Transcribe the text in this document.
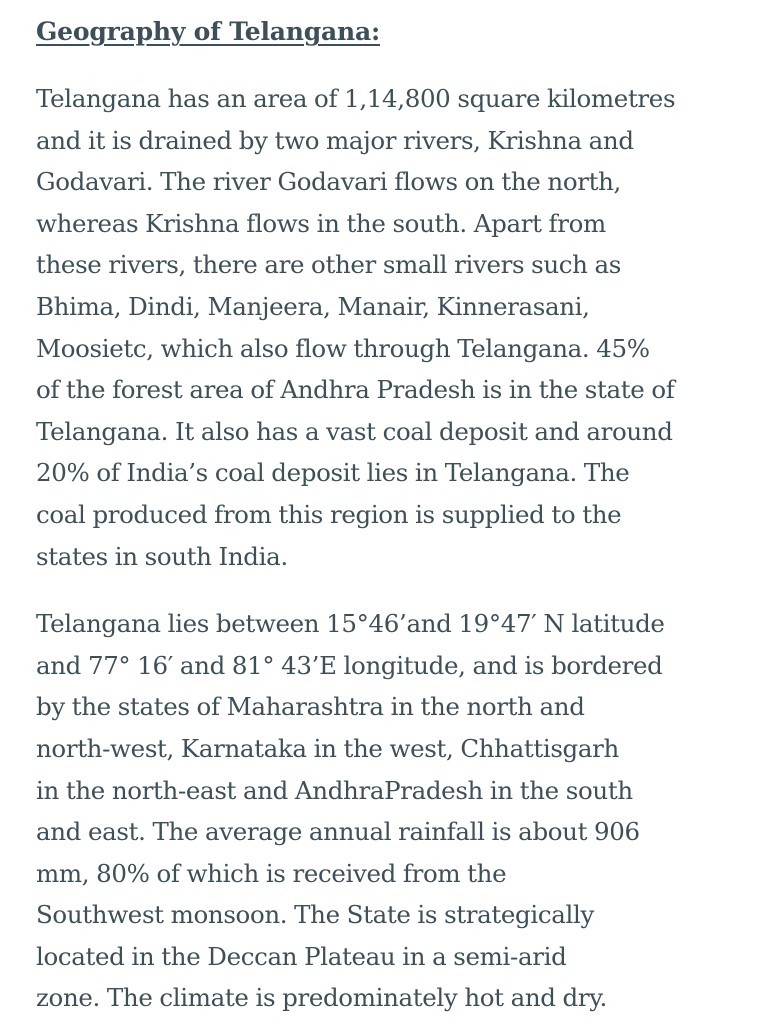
Geography of Telangana:
Telangana has an area of 1,14,800 square kilometres
and it is drained by two major rivers, Krishna and
Godavari. The river Godavari flows on the north,
whereas Krishna flows in the south. Apart from
these rivers, there are other small rivers such as
Bhima, Dindi, Manjeera, Manair, Kinnerasani,
Moosietc, which also flow through Telangana. 45%
of the forest area of Andhra Pradesh is in the state of
Telangana. It also has a vast coal deposit and around
20% of India’s coal deposit lies in Telangana. The
coal produced from this region is supplied to the
states in south India.
Telangana lies between 15°46’and 19°47′ N latitude
and 77° 16′ and 81° 43’E longitude, and is bordered
by the states of Maharashtra in the north and
north-west, Karnataka in the west, Chhattisgarh
in the north-east and AndhraPradesh in the south
and east. The average annual rainfall is about 906
mm, 80% of which is received from the
Southwest monsoon. The State is strategically
located in the Deccan Plateau in a semi-arid
zone. The climate is predominately hot and dry.
